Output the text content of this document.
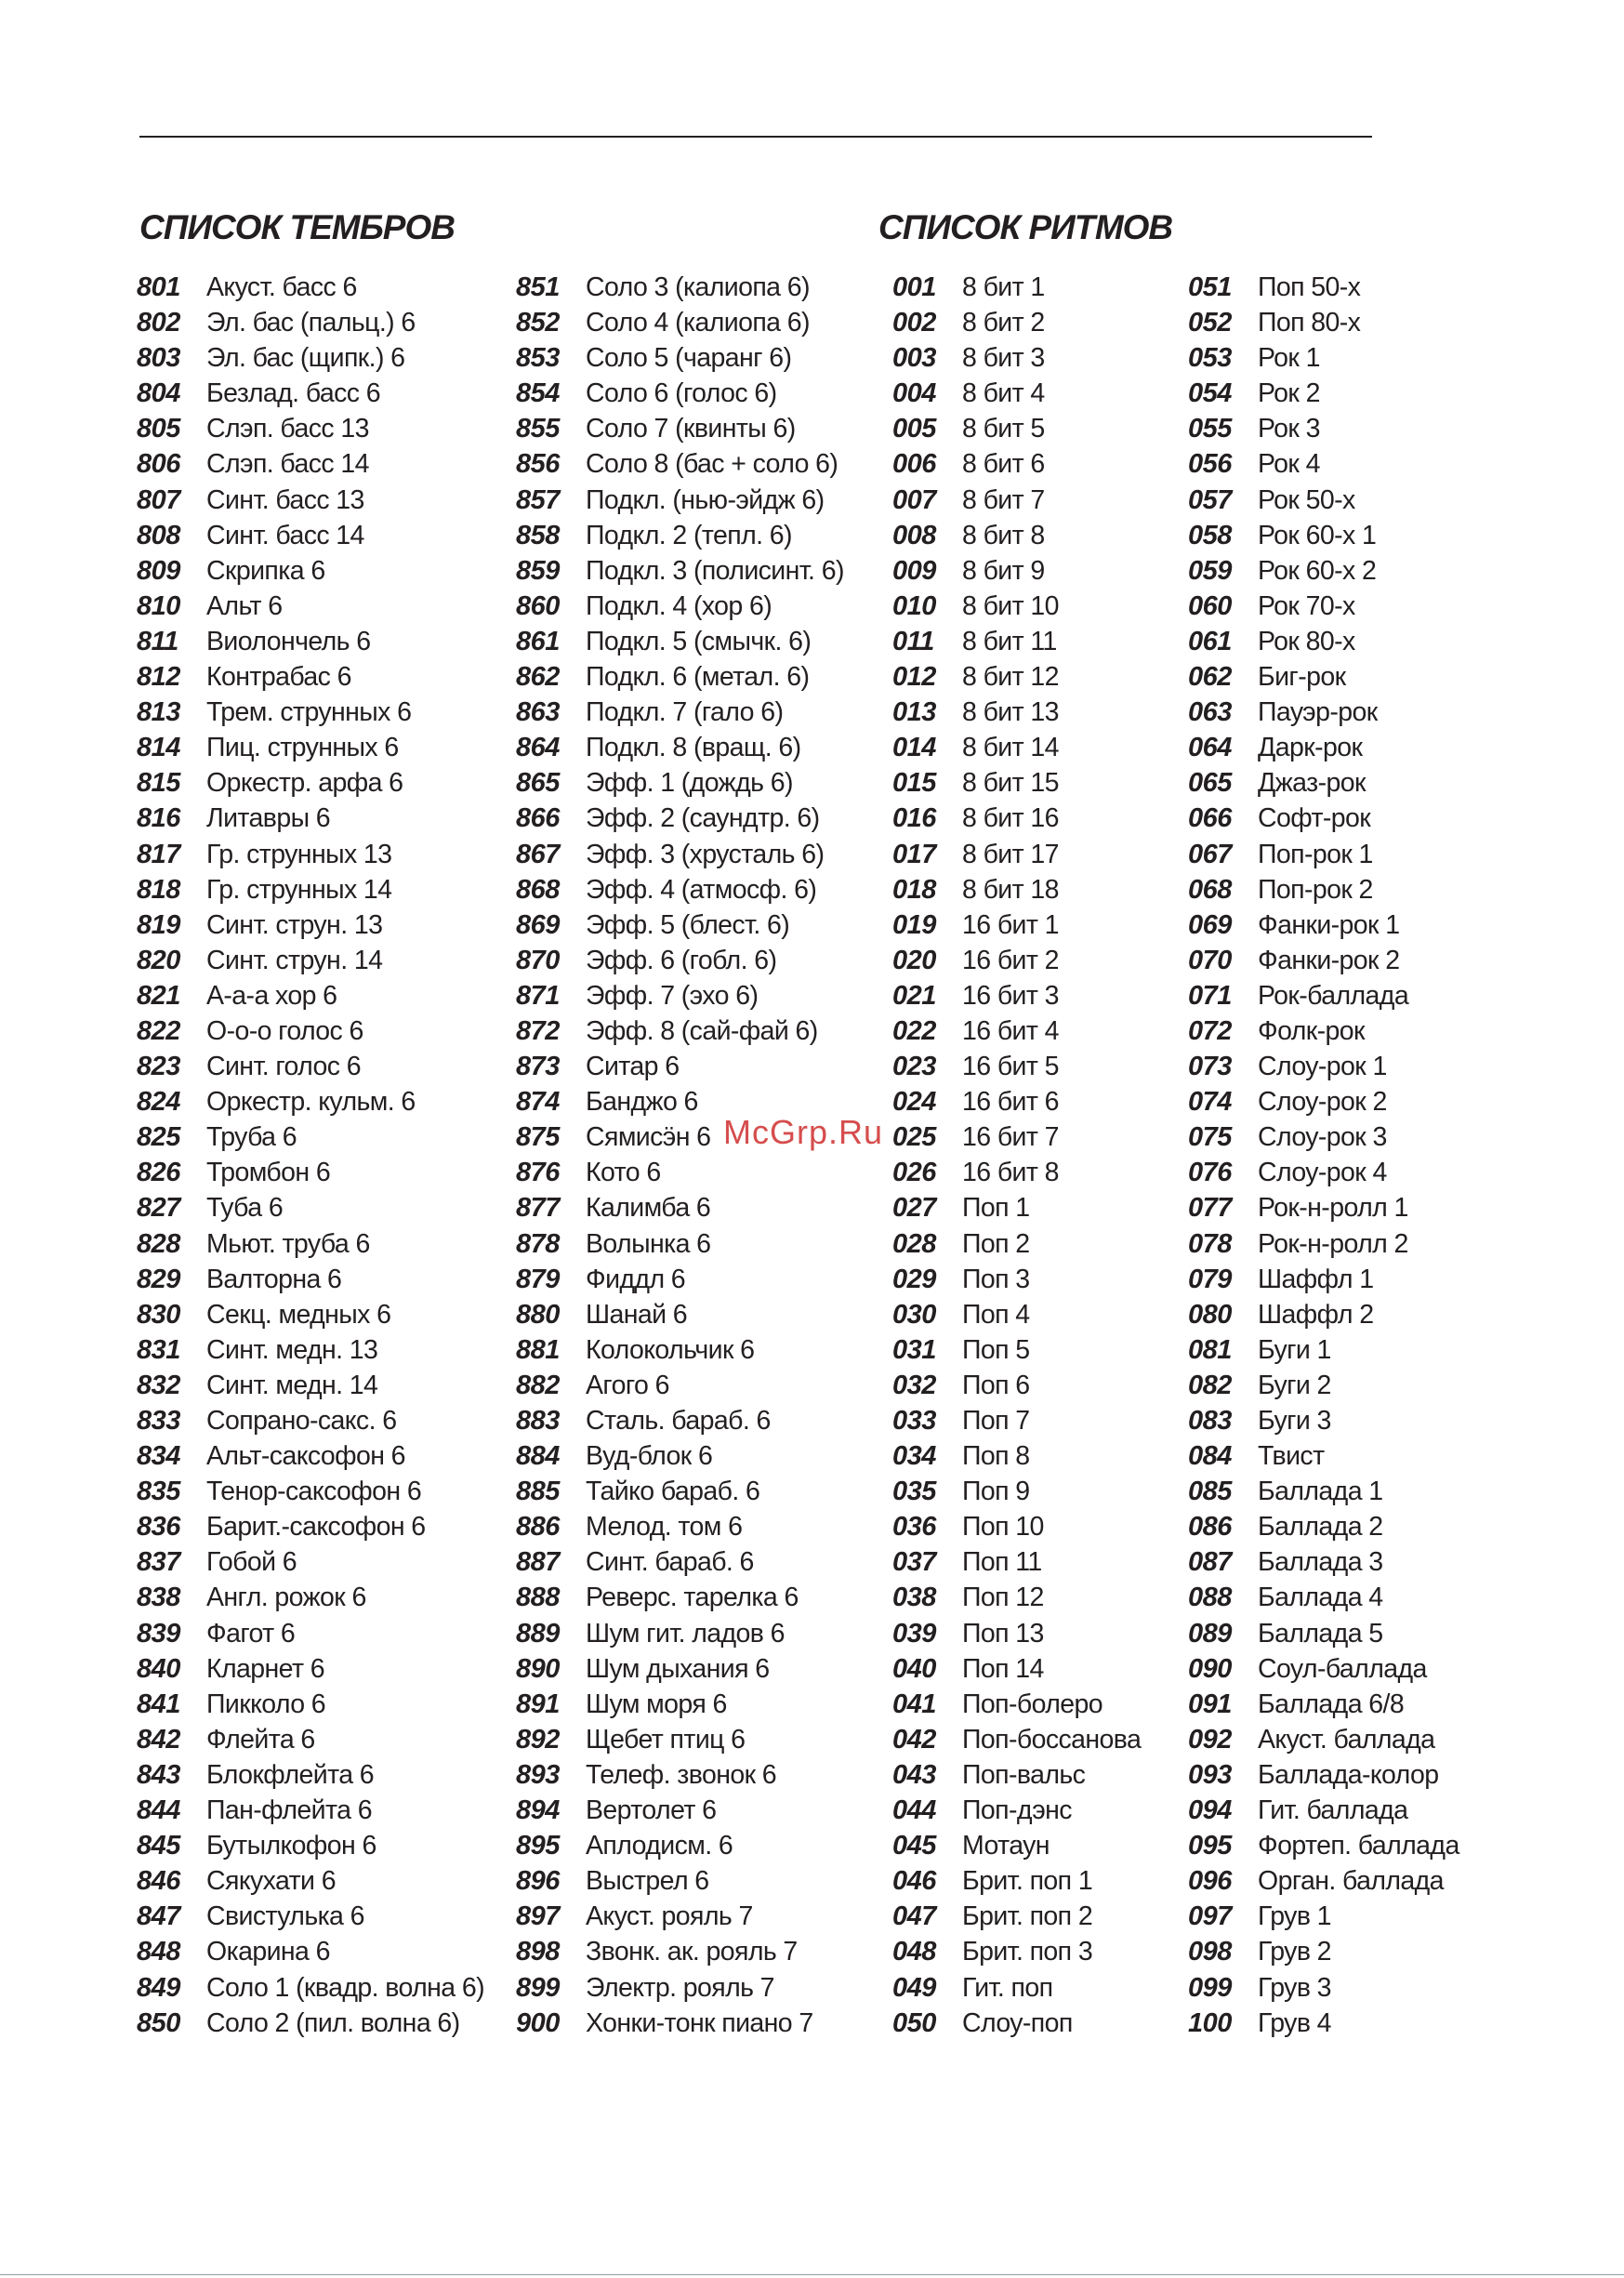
СПИСОК ТЕМБРОВ	СПИСОК РИТМОВ
801 Акуст. басс 6
802Эл. бас (пальц.) 6
803 Эл. бас (щипк.) 6
804 Безлад. басс 6
805 Слэп. басс 13
806 Слэп. басс 14
807 Синт. басс 13
808 Синт. басс 14
809 Скрипка 6
810 Альт 6
811 Виолончель 6
812 Контрабас 6
813 Трем. струнных 6
814 Пиц. струнных 6
815 Оркестр. арфа 6
816 Литавры 6
817 Гр. струнных 13
818 Гр. струнных 14
819 Синт. струн. 13
820 Синт. струн. 14
821 А-а-а хор 6
822 О-о-о голос 6
823 Синт. голос 6
824 Оркестр. кульм. 6
825 Труба 6
826 Тромбон 6
827 Туба 6
828 Мьют. труба 6
829 Валторна 6
830 Секц. медных 6
831 Синт. медн. 13
832 Синт. медн. 14
833 Сопрано-сакс. 6
834 Альт-саксофон 6
835 Тенор-саксофон 6
836 Барит.-саксофон 6
837 Гобой 6
838 Англ. рожок 6
839 Фагот 6
840 Кларнет 6
841 Пикколо 6
842 Флейта 6
843 Блокфлейта 6
844 Пан-флейта 6
845 Бутылкофон 6
846 Сякухати 6
847 Свистулька 6
848 Окарина 6
849 Соло 1 (квадр. волна 6)
850 Соло 2 (пил. волна 6)
851 Соло 3 (калиопа 6)
852 Соло 4 (калиопа 6)
853 Соло 5 (чаранг 6)
854 Соло 6 (голос 6)
855 Соло 7 (квинты 6)
856 Соло 8 (бас + соло 6)
857 Подкл. (нью-эйдж 6)
858 Подкл. 2 (тепл. 6)
859 Подкл. 3 (полисинт. 6)
860 Подкл. 4 (хор 6)
861 Подкл. 5 (смычк. 6)
862 Подкл. 6 (метал. 6)
863 Подкл. 7 (гало 6)
864 Подкл. 8 (вращ. 6)
865 Эфф. 1 (дождь 6)
866 Эфф. 2 (саундтр. 6)
867 Эфф. 3 (хрусталь 6)
868 Эфф. 4 (атмосф. 6)
869 Эфф. 5 (блест. 6)
870 Эфф. 6 (гобл. 6)
871 Эфф. 7 (эхо 6)
872 Эфф. 8 (сай-фай 6)
873 Ситар 6
874 Банджо 6
875 Сямисӭн 6
876 Кото 6
877 Калимба 6
878 Волынка 6
879 Фиддл 6
880 Шанай 6
881 Колокольчик 6
882 Агого 6
883 Сталь. бараб. 6
884 Вуд-блок 6
885 Тайко бараб. 6
886 Мелод. том 6
887 Синт. бараб. 6
888 Реверс. тарелка 6
889 Шум гит. ладов 6
890 Шум дыхания 6
891 Шум моря 6
892 Щебет птиц 6
893 Телеф. звонок 6
894 Вертолет 6
895 Аплодисм. 6
896 Выстрел 6
897 Акуст. рояль 7
898 Звонк. ак. рояль 7
899 Электр. рояль 7
900 Хонки-тонк пиано 7
001 8 бит 1
002 8 бит 2
003 8 бит 3
004 8 бит 4
005 8 бит 5
006 8 бит 6
007 8 бит 7
008 8 бит 8
009 8 бит 9
010 8 бит 10
011 8 бит 11
012 8 бит 12
013 8 бит 13
014 8 бит 14
015 8 бит 15
016 8 бит 16
017 8 бит 17
018 8 бит 18
019 16 бит 1
020 16 бит 2
021 16 бит 3
022 16 бит 4
023 16 бит 5
024 16 бит 6
025 16 бит 7
026 16 бит 8
027 Поп 1
028 Поп 2
029 Поп 3
030 Поп 4
031 Поп 5
032 Поп 6
033 Поп 7
034 Поп 8
035 Поп 9
036 Поп 10
037 Поп 11
038 Поп 12
039 Поп 13
040 Поп 14
041 Поп-болеро
042 Поп-боссанова
043 Поп-вальс
044 Поп-дэнс
045 Мотаун
046 Брит. поп 1
047 Брит. поп 2
048 Брит. поп 3
049 Гит. поп
050 Слоу-поп
051 Поп 50-х
052 Поп 80-х
053 Рок 1
054 Рок 2
055 Рок 3
056 Рок 4
057 Рок 50-х
058 Рок 60-х 1
059 Рок 60-х 2
060 Рок 70-х
061 Рок 80-х
062 Биг-рок
063 Пауэр-рок
064 Дарк-рок
065 Джаз-рок
066 Софт-рок
067 Поп-рок 1
068 Поп-рок 2
069 Фанки-рок 1
070 Фанки-рок 2
071 Рок-баллада
072 Фолк-рок
073 Слоу-рок 1
074 Слоу-рок 2
075 Слоу-рок 3
076 Слоу-рок 4
077 Рок-н-ролл 1
078 Рок-н-ролл 2
079 Шаффл 1
080 Шаффл 2
081 Буги 1
082 Буги 2
083 Буги 3
084 Твист
085 Баллада 1
086 Баллада 2
087 Баллада 3
088 Баллада 4
089 Баллада 5
090 Соул-баллада
091 Баллада 6/8
092 Акуст. баллада
093 Баллада-колор
094 Гит. баллада
095 Фортеп. баллада
096 Орган. баллада
097 Грув 1
098 Грув 2
099 Грув 3
100 Грув 4
McGrp.Ru
